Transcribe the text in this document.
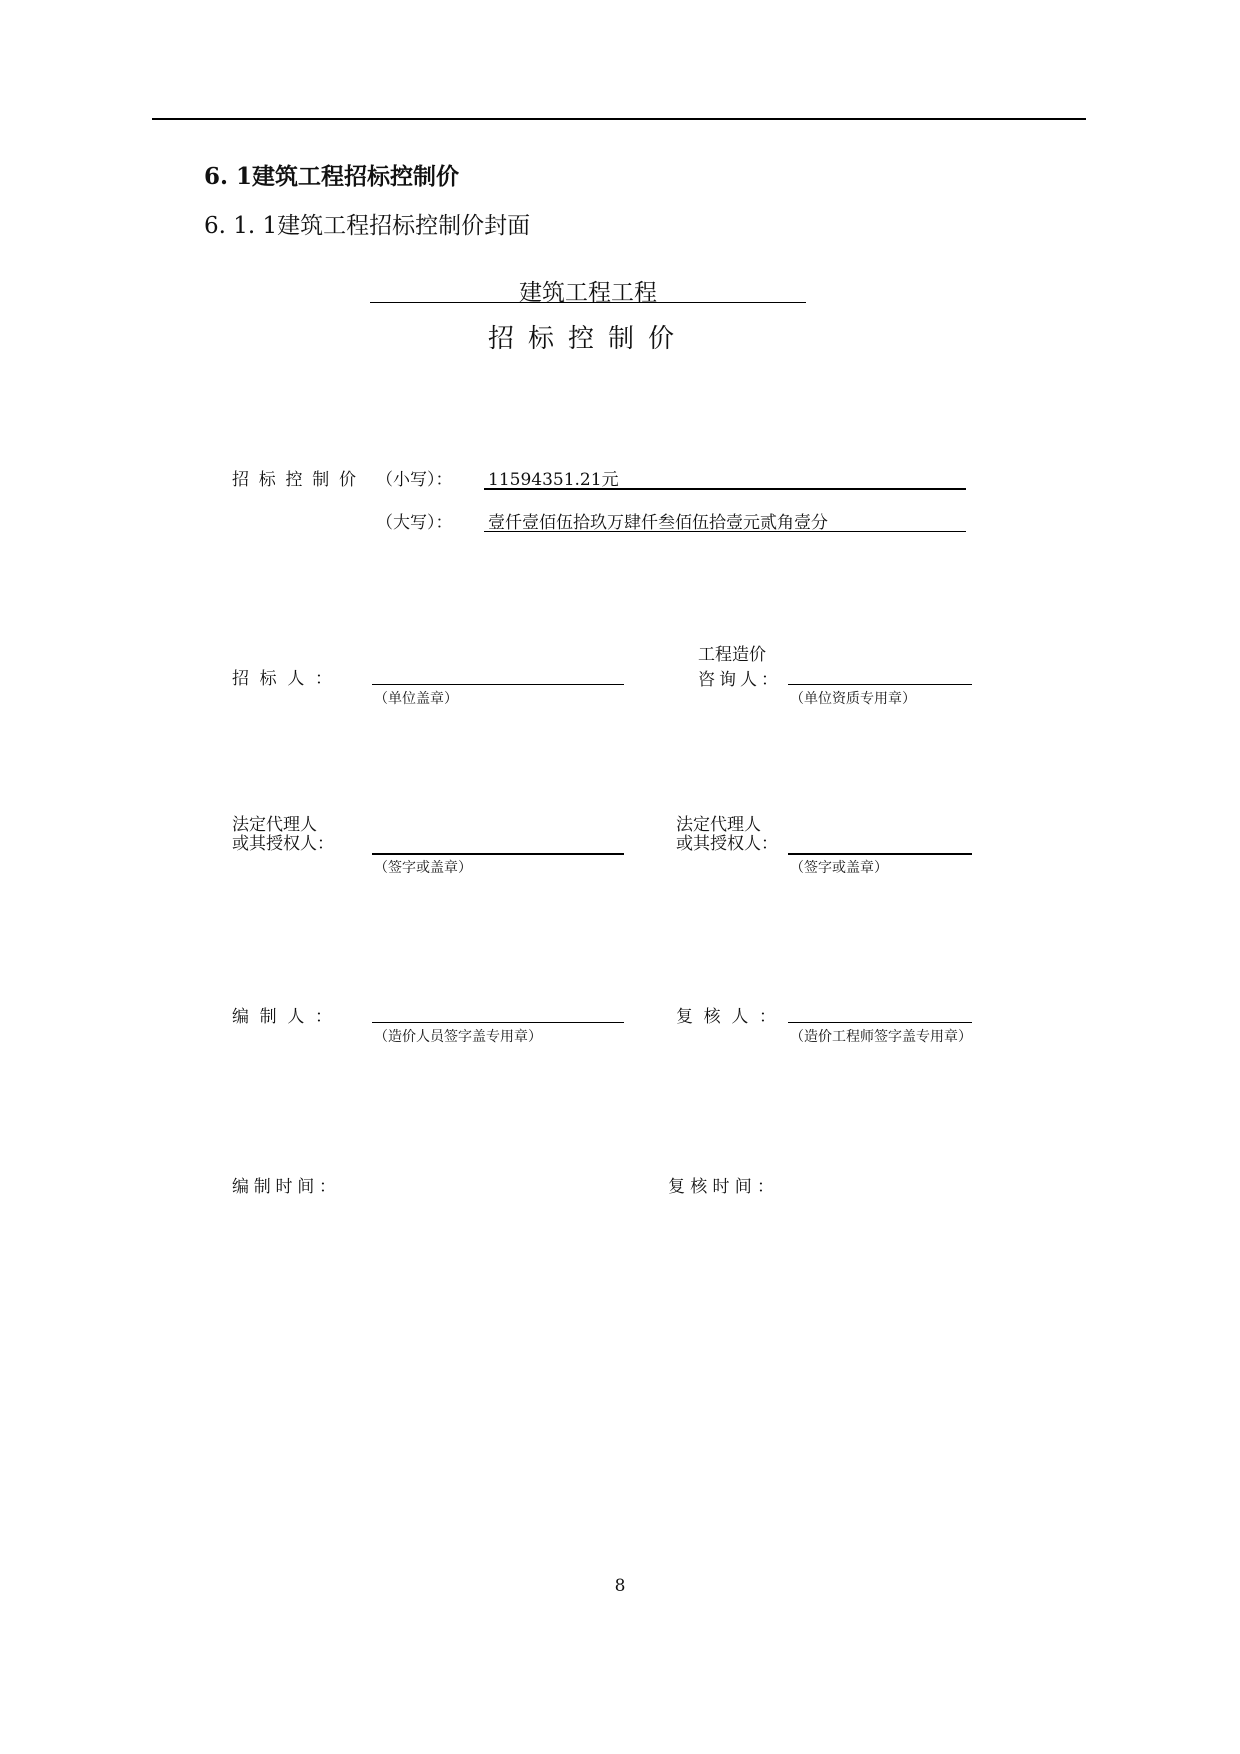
6. 1建筑工程招标控制价
6. 1. 1建筑工程招标控制价封面
建筑工程工程
招标控制价
招标控制价 （小写）： 11594351.21元
（大写）： 壹仟壹佰伍拾玖万肆仟叁佰伍拾壹元贰角壹分
招标人：
（单位盖章）
工程造价
咨询人：
（单位资质专用章）
法定代理人
或其授权人：
（签字或盖章）
法定代理人
或其授权人：
（签字或盖章）
编制人：
（造价人员签字盖专用章）
复核人：
（造价工程师签字盖专用章）
编制时间：	复核时间：
8
